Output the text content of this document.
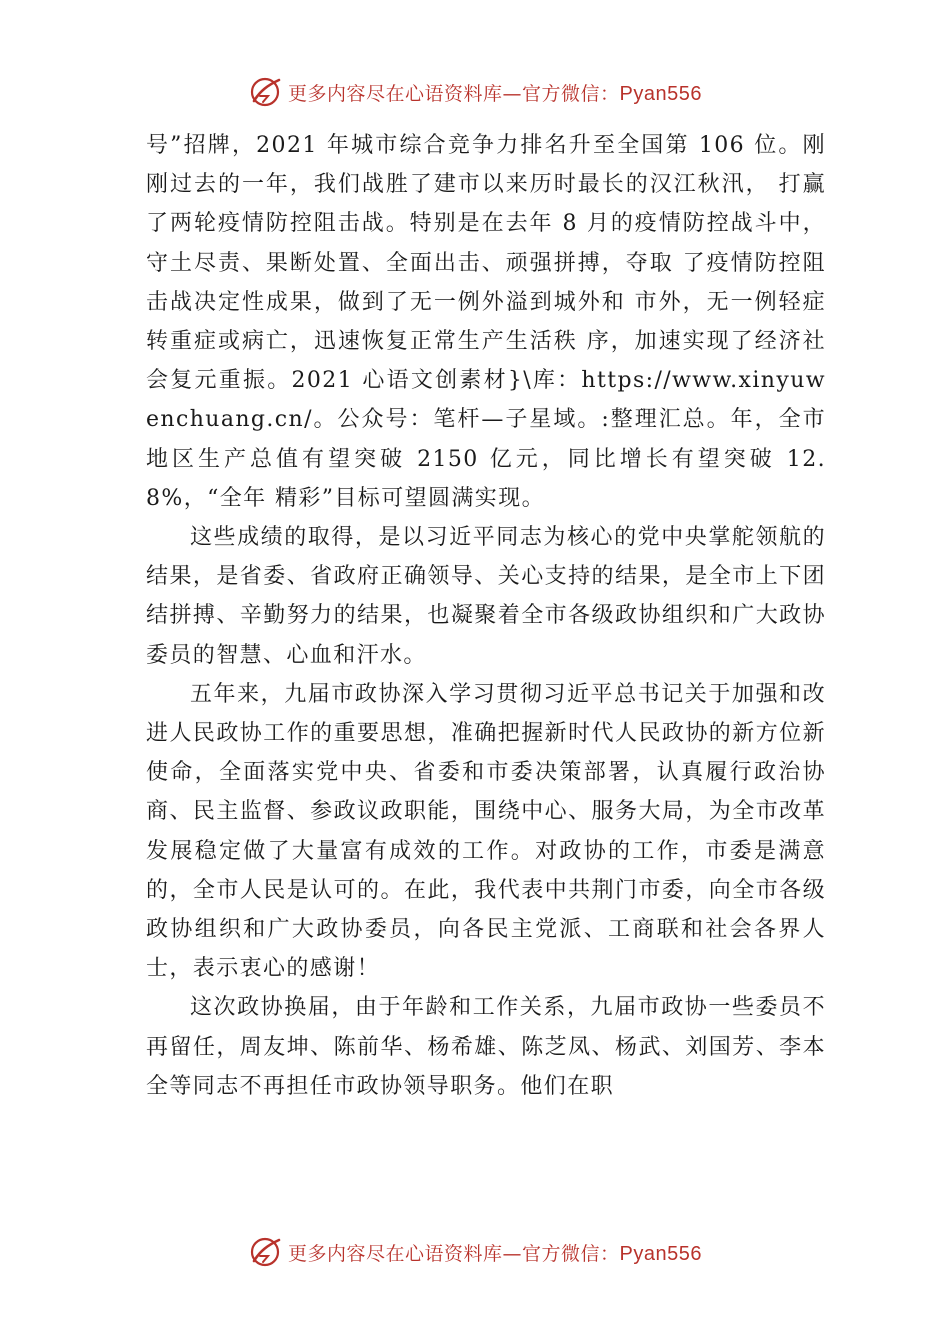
更多内容尽在心语资料库—官方微信：Pyan556

号”招牌，2021 年城市综合竞争力排名升至全国第 106 位。刚刚过去的一年，我们战胜了建市以来历时最长的汉江秋汛， 打赢了两轮疫情防控阻击战。特别是在去年 8 月的疫情防控战斗中，守土尽责、果断处置、全面出击、顽强拼搏，夺取 了疫情防控阻击战决定性成果，做到了无一例外溢到城外和 市外，无一例轻症转重症或病亡，迅速恢复正常生产生活秩 序，加速实现了经济社会复元重振。2021 心语文创素材}\库：https://www.xinyuwenchuang.cn/。公众号：笔杆—子星域。:整理汇总。年，全市地区生产总值有望突破 2150 亿元，同比增长有望突破 12.8%，“全年 精彩”目标可望圆满实现。

这些成绩的取得，是以习近平同志为核心的党中央掌舵领航的结果，是省委、省政府正确领导、关心支持的结果，是全市上下团结拼搏、辛勤努力的结果，也凝聚着全市各级政协组织和广大政协委员的智慧、心血和汗水。

五年来，九届市政协深入学习贯彻习近平总书记关于加强和改进人民政协工作的重要思想，准确把握新时代人民政协的新方位新使命，全面落实党中央、省委和市委决策部署，认真履行政治协商、民主监督、参政议政职能，围绕中心、服务大局，为全市改革发展稳定做了大量富有成效的工作。对政协的工作，市委是满意的，全市人民是认可的。在此，我代表中共荆门市委，向全市各级政协组织和广大政协委员，向各民主党派、工商联和社会各界人士，表示衷心的感谢！

这次政协换届，由于年龄和工作关系，九届市政协一些委员不再留任，周友坤、陈前华、杨希雄、陈芝凤、杨武、刘国芳、李本全等同志不再担任市政协领导职务。他们在职

更多内容尽在心语资料库—官方微信：Pyan556
